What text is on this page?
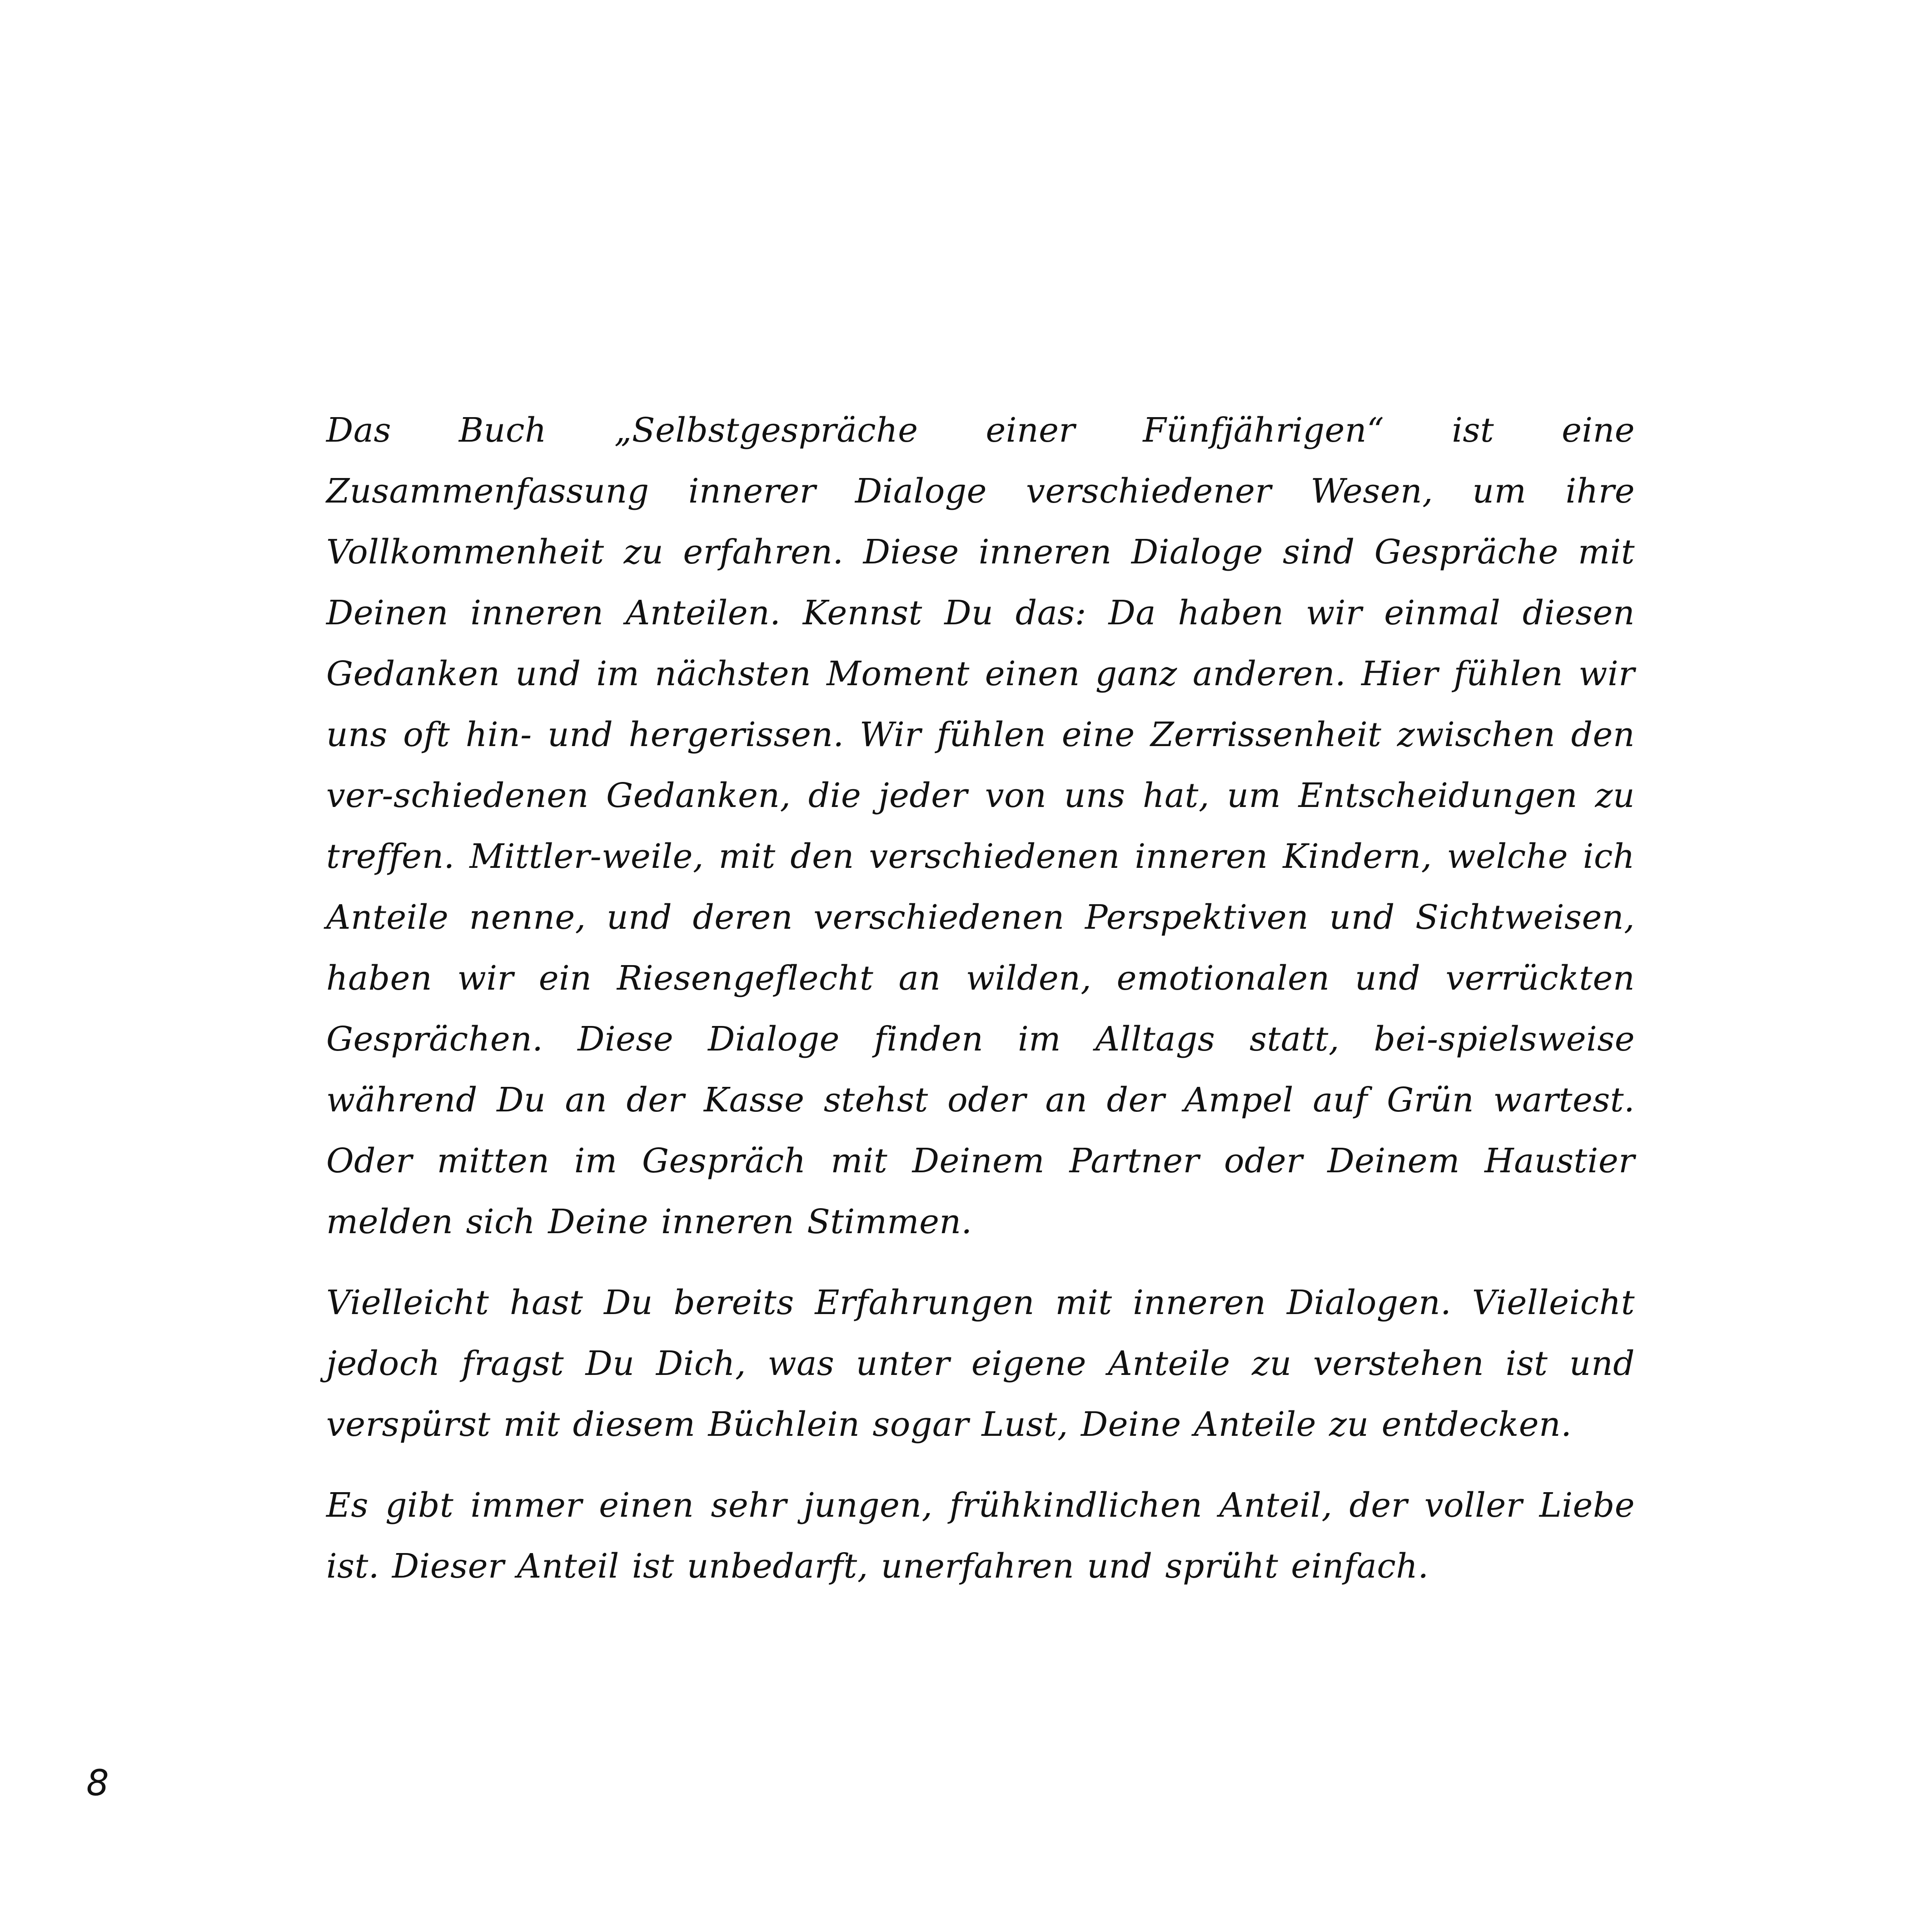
Das Buch „Selbstgespräche einer Fünfjährigen“ ist eine Zusammenfassung innerer Dialoge verschiedener Wesen, um ihre Vollkommenheit zu erfahren. Diese inneren Dialoge sind Gespräche mit Deinen inneren Anteilen. Kennst Du das: Da haben wir einmal diesen Gedanken und im nächsten Moment einen ganz anderen. Hier fühlen wir uns oft hin- und hergerissen. Wir fühlen eine Zerrissenheit zwischen den ver-schiedenen Gedanken, die jeder von uns hat, um Entscheidungen zu treffen. Mittler-weile, mit den verschiedenen inneren Kindern, welche ich Anteile nenne, und deren verschiedenen Perspektiven und Sichtweisen, haben wir ein Riesengeflecht an wilden, emotionalen und verrückten Gesprächen. Diese Dialoge finden im Alltags statt, bei-spielsweise während Du an der Kasse stehst oder an der Ampel auf Grün wartest. Oder mitten im Gespräch mit Deinem Partner oder Deinem Haustier melden sich Deine inneren Stimmen.

Vielleicht hast Du bereits Erfahrungen mit inneren Dialogen. Vielleicht jedoch fragst Du Dich, was unter eigene Anteile zu verstehen ist und verspürst mit diesem Büchlein sogar Lust, Deine Anteile zu entdecken.

Es gibt immer einen sehr jungen, frühkindlichen Anteil, der voller Liebe ist. Dieser Anteil ist unbedarft, unerfahren und sprüht einfach.

8
